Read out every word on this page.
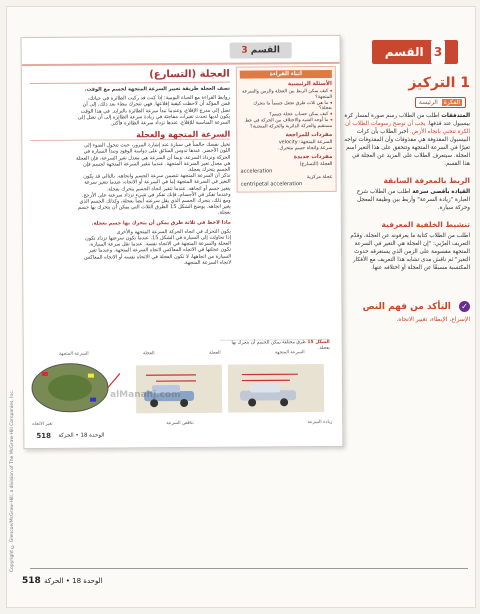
القسم 3
العجلة (التسارع)
تصف العجلة طريقة تغيير السرعة المتجهة لجسم مع الوقت.
روابط القراءة مع الحياة اليومية: إذا كنت قد ركبت الطائرة في حياتك،
فمن المؤكد أن لاحظت كيفية إقلاعها. فهي تتحرك ببطء بعد ذلك، إلى أن
تصل إلى مدرج الإقلاع، وعندما تبدأ سرعة الطائرة بالتزايد. في هذا الوقت
يكون لديها تحدث تغيرات مفاجئة في زيادة سرعة الطائرة إلى أن تصل إلى
السرعة المناسبة للإقلاع. عندها تزداد سرعة الطائرة فأكثر.
السرعة المتجهة والعجلة
تخيل نفسك جالساً في سيارة عند إشارة المرور، حيث تتحول الضوء إلى
اللون الأخضر. عندها تدوس السائق على دواسة الوقود وتبدأ السيارة في
الحركة وتزداد السرعة. وبما أن السرعة هي معدل تغير السرعة، فإن العجلة
هي معدل تغير السرعة المتجهة. عندما تتغير السرعة المتجهة لجسم فإن
الجسم يتحرك بعجلة.
تذكر أن السرعة المتجهة تتضمن سرعة الجسم واتجاهه. بالتالي قد يكون
التغير في السرعة المتجهة إما في السرعة أو الاتجاه، عندما تتغير سرعة
يتغير جسم أو اتجاهه. عندما تتغير اتجاه الجسم يتحرك بعجلة.
وعندما تفكر في الأجسام، فإنك تفكر في شيء تزداد سرعته على الأرجح.
ومع ذلك، يتحرك الجسم الذي يقل سرعته أيضاً بعجلة، وكذلك الجسم الذي
يغير اتجاهه. يوضح الشكل 15 الطرق الثلاث التي يمكن أن يتحرك بها جسم
بعجلة.
ماذا لاحظ في ثلاثة طرق يمكن أن يتحرك بها جسم بعجلة.
يكون التحرك في اتجاه الحركة السرعة المتجهة والأخرى
إذا تحاولت إلى السيارة في الشكل 15. عندما تكون سرعتها تزداد تكون
العجلة والسرعة المتجهة في الاتجاه نفسه. عندما تقل سرعة السيارة،
تكون عجلتها في الاتجاه المعاكس لاتجاه السرعة المتجهة. وعندما تغير
السيارة من اتجاهها، لا تكون العجلة في الاتجاه نفسه أو الاتجاه المعاكس
لاتجاه السرعة المتجهة.
أثناء القراءة
الأسئلة الرئيسية
◂ كيف يمكن الربط بين العجلة والزمن والسرعة المتجهة؟
◂ ما هي ثلاث طرق تجعل جسماً ما يتحرك بعجلة؟
◂ كيف يمكن حساب عجلة جسم؟
◂ ما أوجه الشبه والاختلاف بين الحركة في خط مستقيم والحركة الدائرية والحركة المنحنية؟
مفردات للمراجعة
السرعة المتجهة: velocity
سرعة واتجاه جسم متحرك.
مفردات جديدة
العجلة (التسارع)
acceleration
عجلة مركزية
centripetal acceleration
الشكل 15 طرق مختلفة يمكن للجسم أن يتحرك بها بعجلة.
زيادة السرعة
تناقص السرعة
تغير الاتجاه
السرعة المتجهة
العجلة
العجلة
السرعة المتجهة
518 الوحدة 18 • الحركة
alManahj.com
القسم 3
1 التركيز
الفكرة الرئيسة
المتدفقات اطلب من الطلاب رسم صورة لمسار كرة بيسبول عند قذفها. يجب أن توضح رسومات الطلاب أن الكرة تنحني باتجاه الأرض. أخبر الطلاب بأن كرات البيسبول المقذوفة هي مقذوفات وأن المقذوفات تواجه تغيرًا في السرعة المتجهة وتتحقق على هذا التغير اسم العجلة. سيتعرف الطلاب على المزيد عن العجلة في هذا القسم.
الربط بالمعرفة السابقة
القيادة بأقصى سرعة اطلب من الطلاب شرح العبارة "زيادة السرعة" وأربط بين وظيفة المعجل وحركة سيارة.
تنشيط الخلفية المعرفية
اطلب من الطلاب كتابة ما يعرفونه عن العجلة، وقدّم التعريف العرّبي: "إن العجلة هي التغير في السرعة المتجهة مقسومة على الزمن الذي يستغرقه حدوث التغير" ثم ناقش مدى تشابه هذا التعريف مع الأفكار المكتسبة مسبقًا عن العجلة أو اختلافه عنها.
✓ التأكد من فهم النص
الإسراع، الإبطاء، تغيير الاتجاه.
Copyright © Glencoe/McGraw-Hill, a division of The McGraw-Hill Companies, Inc.
518 الوحدة 18 • الحركة
